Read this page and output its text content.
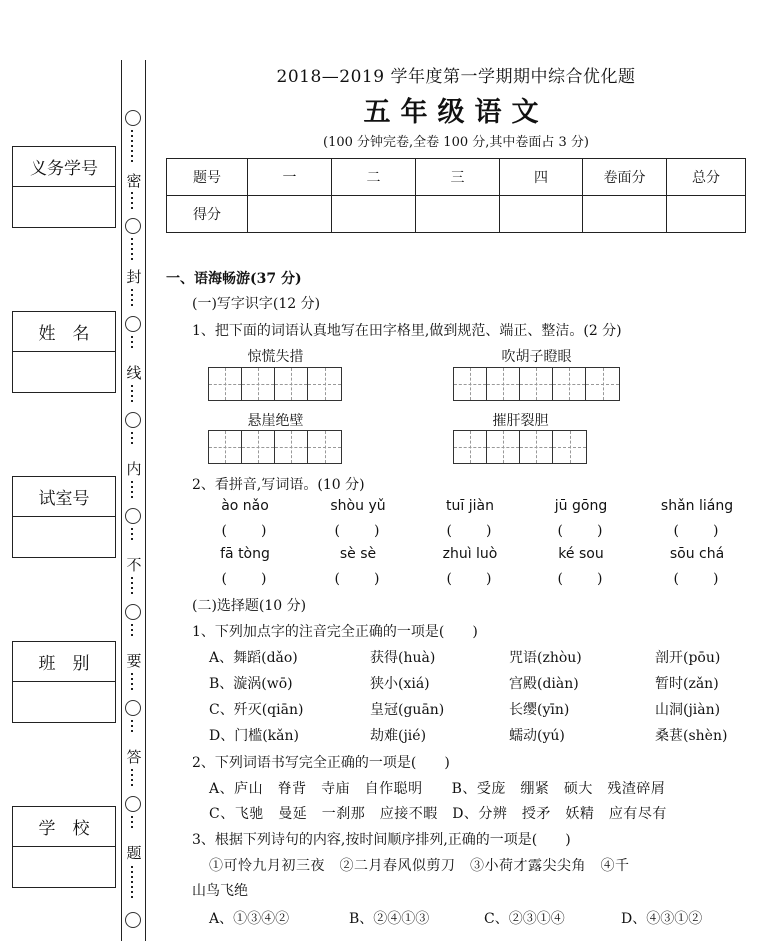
义务学号
姓　名
试室号
班　别
学　校
密
封
线
内
不
要
答
题
2018—2019 学年度第一学期期中综合优化题
五年级语文
(100 分钟完卷,全卷 100 分,其中卷面占 3 分)
题号	一	二	三	四	卷面分	总分
得分						
一、语海畅游(37 分)
(一)写字识字(12 分)
1、把下面的词语认真地写在田字格里,做到规范、端正、整洁。(2 分)
惊慌失措	吹胡子瞪眼
悬崖绝壁	摧肝裂胆
2、看拼音,写词语。(10 分)
ào nǎo	shòu yǔ	tuī jiàn	jū gōng	shǎn liáng
(　　)	(　　)	(　　)	(　　)	(　　)
fā tòng	sè sè	zhuì luò	ké sou	sōu chá
(　　)	(　　)	(　　)	(　　)	(　　)
(二)选择题(10 分)
1、下列加点字的注音完全正确的一项是(　　)
A、舞蹈(dǎo)	获得(huà)	咒语(zhòu)	剖开(pōu)
B、漩涡(wō)	狭小(xiá)	宫殿(diàn)	暂时(zǎn)
C、歼灭(qiān)	皇冠(guān)	长缨(yīn)	山洞(jiàn)
D、门槛(kǎn)	劫难(jié)	蠕动(yú)	桑葚(shèn)
2、下列词语书写完全正确的一项是(　　)
A、庐山　脊背　寺庙　自作聪明　　B、受庞　绷紧　硕大　残渣碎屑
C、飞驰　曼延　一刹那　应接不暇　D、分辨　授矛　妖精　应有尽有
3、根据下列诗句的内容,按时间顺序排列,正确的一项是(　　)
①可怜九月初三夜　②二月春风似剪刀　③小荷才露尖尖角　④千
山鸟飞绝
A、①③④②	B、②④①③	C、②③①④	D、④③①②
